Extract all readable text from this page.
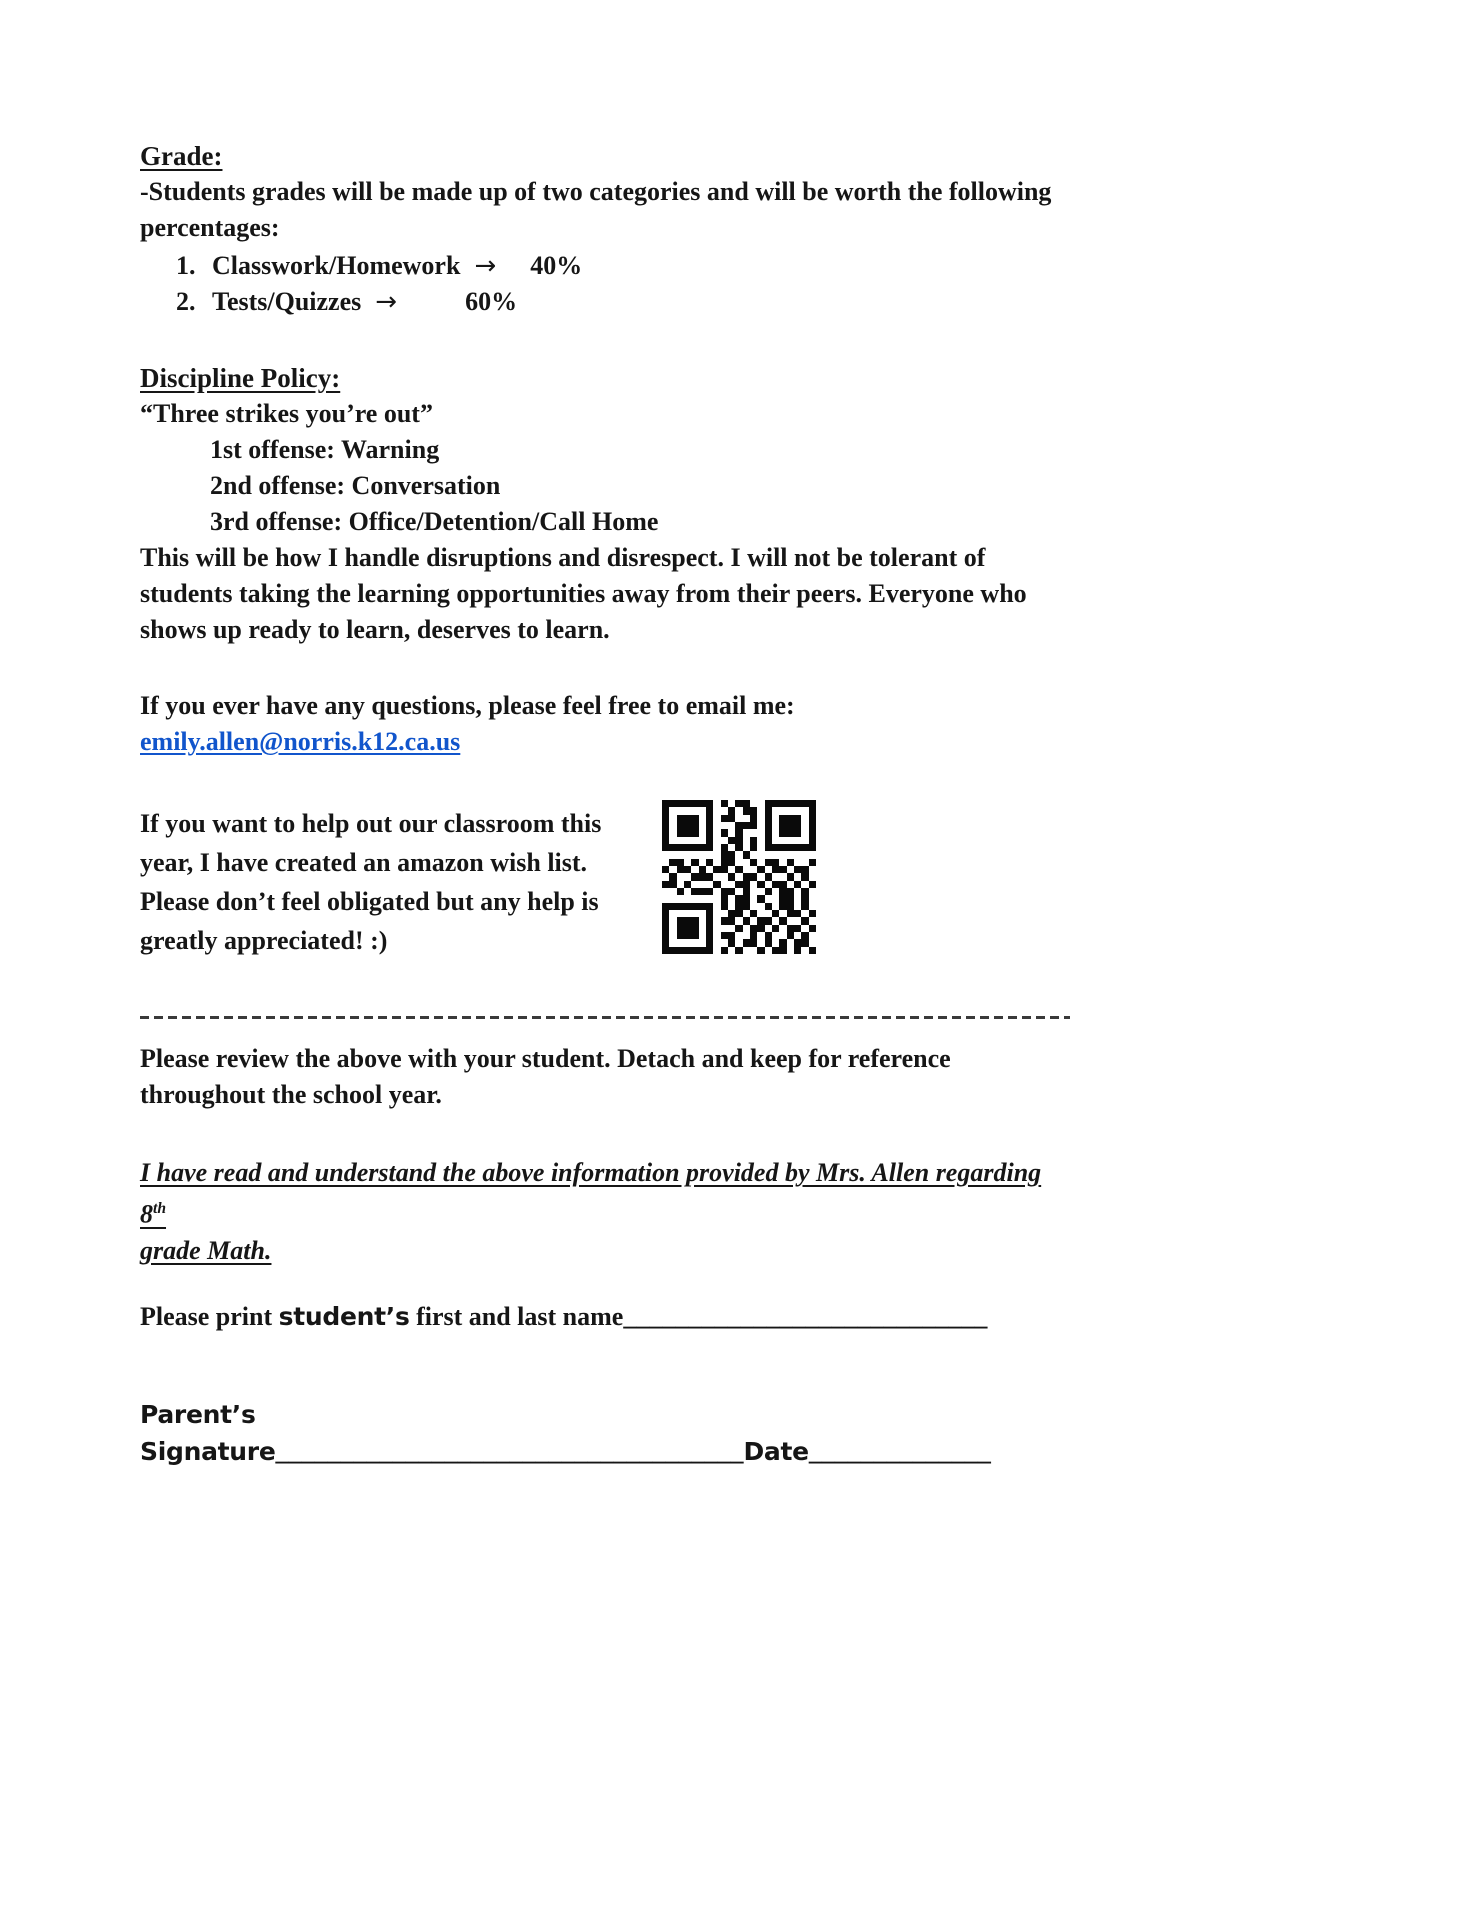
Grade:

-Students grades will be made up of two categories and will be worth the following percentages:

1. Classwork/Homework → 40%
2. Tests/Quizzes →	60%
Discipline Policy:

“Three strikes you’re out”

1st offense: Warning

2nd offense: Conversation

3rd offense: Office/Detention/Call Home

This will be how I handle disruptions and disrespect. I will not be tolerant of students taking the learning opportunities away from their peers. Everyone who shows up ready to learn, deserves to learn.

If you ever have any questions, please feel free to email me:

emily.allen@norris.k12.ca.us

If you want to help out our classroom this year, I have created an amazon wish list. Please don’t feel obligated but any help is greatly appreciated! :)

Please review the above with your student. Detach and keep for reference throughout the school year.

I have read and understand the above information provided by Mrs. Allen regarding 8th
grade Math.

Please print student’s first and last name____________________________

Parent’s
Signature____________________________________Date______________
